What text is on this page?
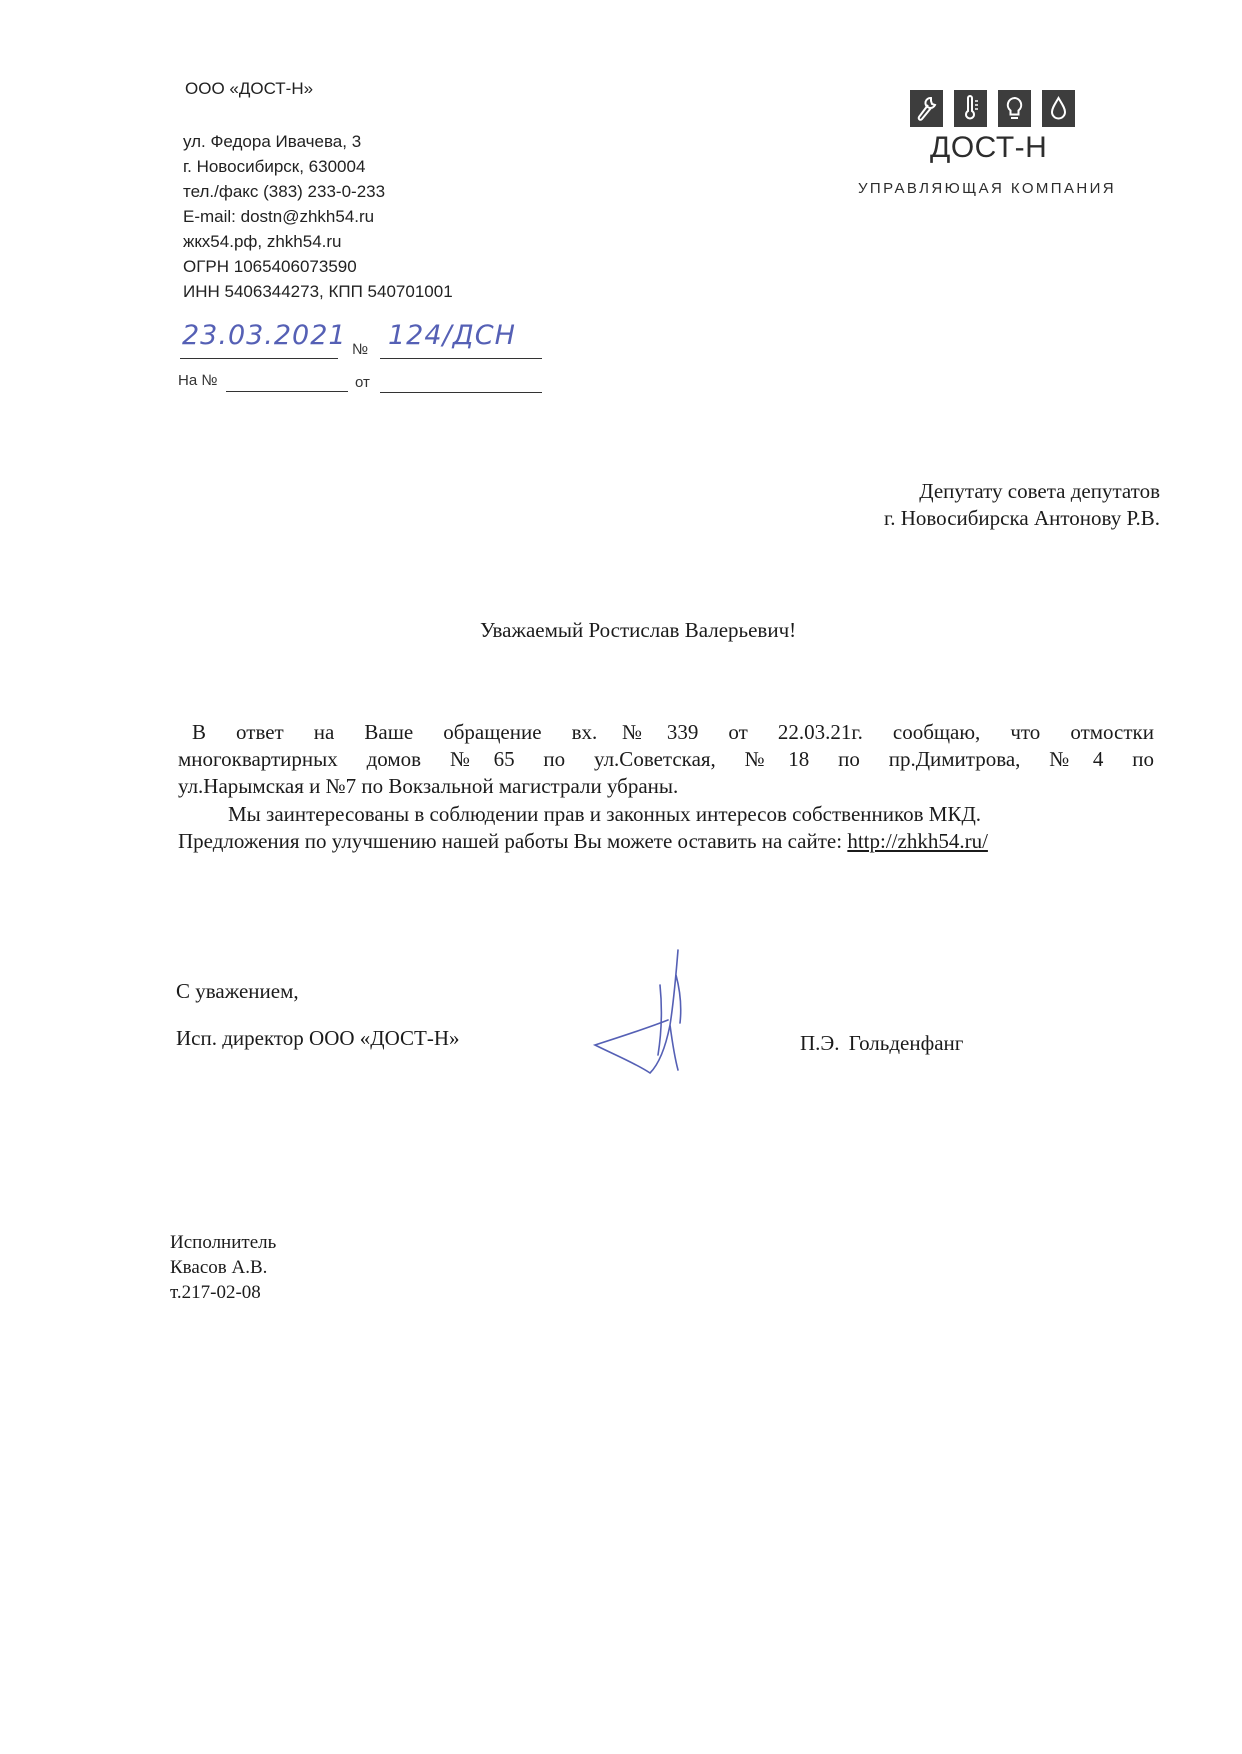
ООО «ДОСТ-Н»
ул. Федора Ивачева, 3
г. Новосибирск, 630004
тел./факс (383) 233-0-233
E-mail: dostn@zhkh54.ru
жкх54.рф, zhkh54.ru
ОГРН 1065406073590
ИНН 5406344273, КПП 540701001
23.03.2021 № 124/ДСН
На №	от

ДОСТ-Н
УПРАВЛЯЮЩАЯ КОМПАНИЯ
Депутату совета депутатов
г. Новосибирска Антонову Р.В.
Уважаемый Ростислав Валерьевич!
В ответ на Ваше обращение вх.№339 от 22.03.21г. сообщаю, что отмостки
многоквартирных домов №65 по ул.Советская, №18 по пр.Димитрова, №4 по
ул.Нарымская и №7 по Вокзальной магистрали убраны.
Мы заинтересованы в соблюдении прав и законных интересов собственников МКД.
Предложения по улучшению нашей работы Вы можете оставить на сайте: http://zhkh54.ru/
С уважением,
Исп. директор ООО «ДОСТ-Н»	П.Э. Гольденфанг
Исполнитель
Квасов А.В.
т.217-02-08
